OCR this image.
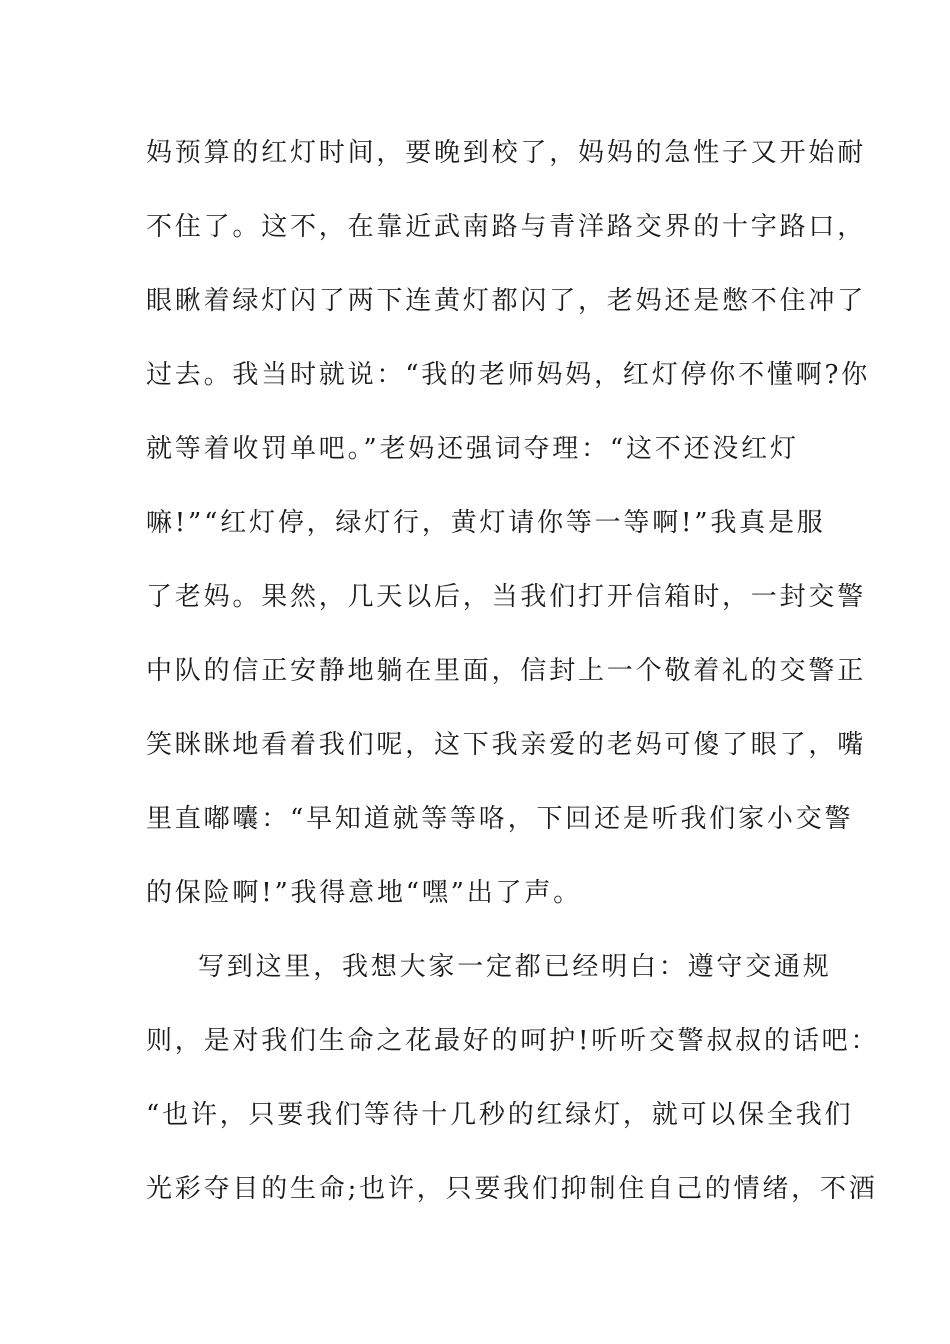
妈预算的红灯时间，要晚到校了，妈妈的急性子又开始耐
不住了。这不，在靠近武南路与青洋路交界的十字路口，
眼瞅着绿灯闪了两下连黄灯都闪了，老妈还是憋不住冲了
过去。我当时就说：“我的老师妈妈，红灯停你不懂啊?你
就等着收罚单吧。”老妈还强词夺理：“这不还没红灯
嘛!”“红灯停，绿灯行，黄灯请你等一等啊!”我真是服
了老妈。果然，几天以后，当我们打开信箱时，一封交警
中队的信正安静地躺在里面，信封上一个敬着礼的交警正
笑眯眯地看着我们呢，这下我亲爱的老妈可傻了眼了，嘴
里直嘟囔：“早知道就等等咯，下回还是听我们家小交警
的保险啊!”我得意地“嘿”出了声。
写到这里，我想大家一定都已经明白：遵守交通规
则，是对我们生命之花最好的呵护!听听交警叔叔的话吧：
“也许，只要我们等待十几秒的红绿灯，就可以保全我们
光彩夺目的生命;也许，只要我们抑制住自己的情绪，不酒
